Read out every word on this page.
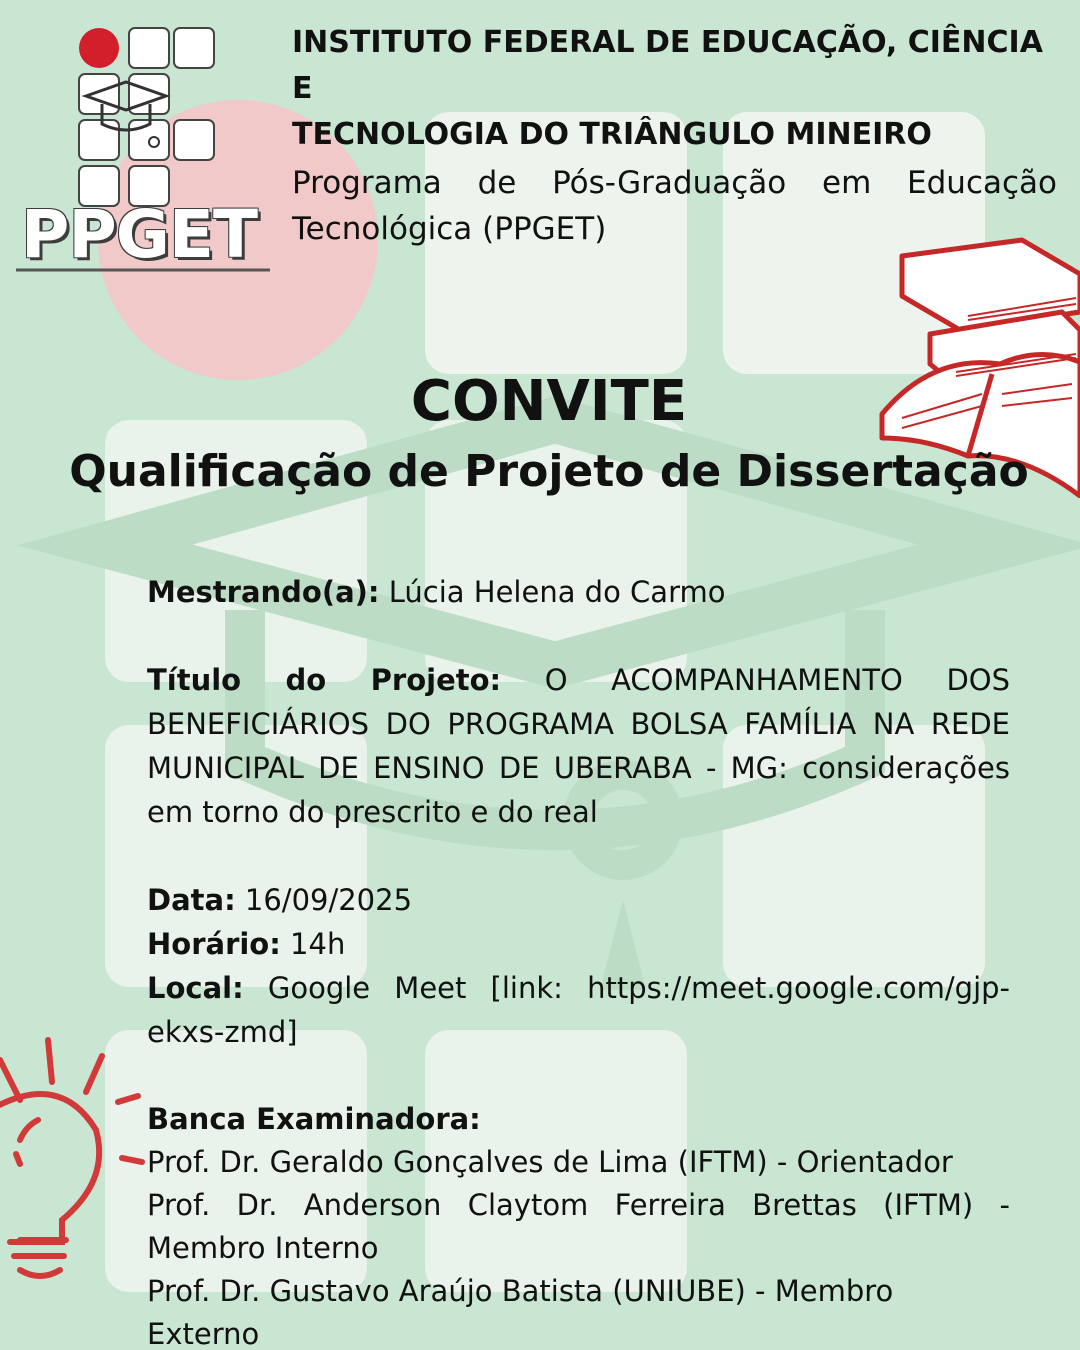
PPGET
INSTITUTO FEDERAL DE EDUCAÇÃO, CIÊNCIA E
TECNOLOGIA DO TRIÂNGULO MINEIRO

Programa de Pós-Graduação em Educação Tecnológica (PPGET)

CONVITE
Qualificação de Projeto de Dissertação

Mestrando(a): Lúcia Helena do Carmo

Título do Projeto: O ACOMPANHAMENTO DOS BENEFICIÁRIOS DO PROGRAMA BOLSA FAMÍLIA NA REDE MUNICIPAL DE ENSINO DE UBERABA - MG: considerações em torno do prescrito e do real

Data: 16/09/2025

Horário: 14h

Local: Google Meet [link: https://meet.google.com/gjp-ekxs-zmd]

Banca Examinadora:

Prof. Dr. Geraldo Gonçalves de Lima (IFTM) - Orientador

Prof. Dr. Anderson Claytom Ferreira Brettas (IFTM) - Membro Interno

Prof. Dr. Gustavo Araújo Batista (UNIUBE) - Membro Externo
